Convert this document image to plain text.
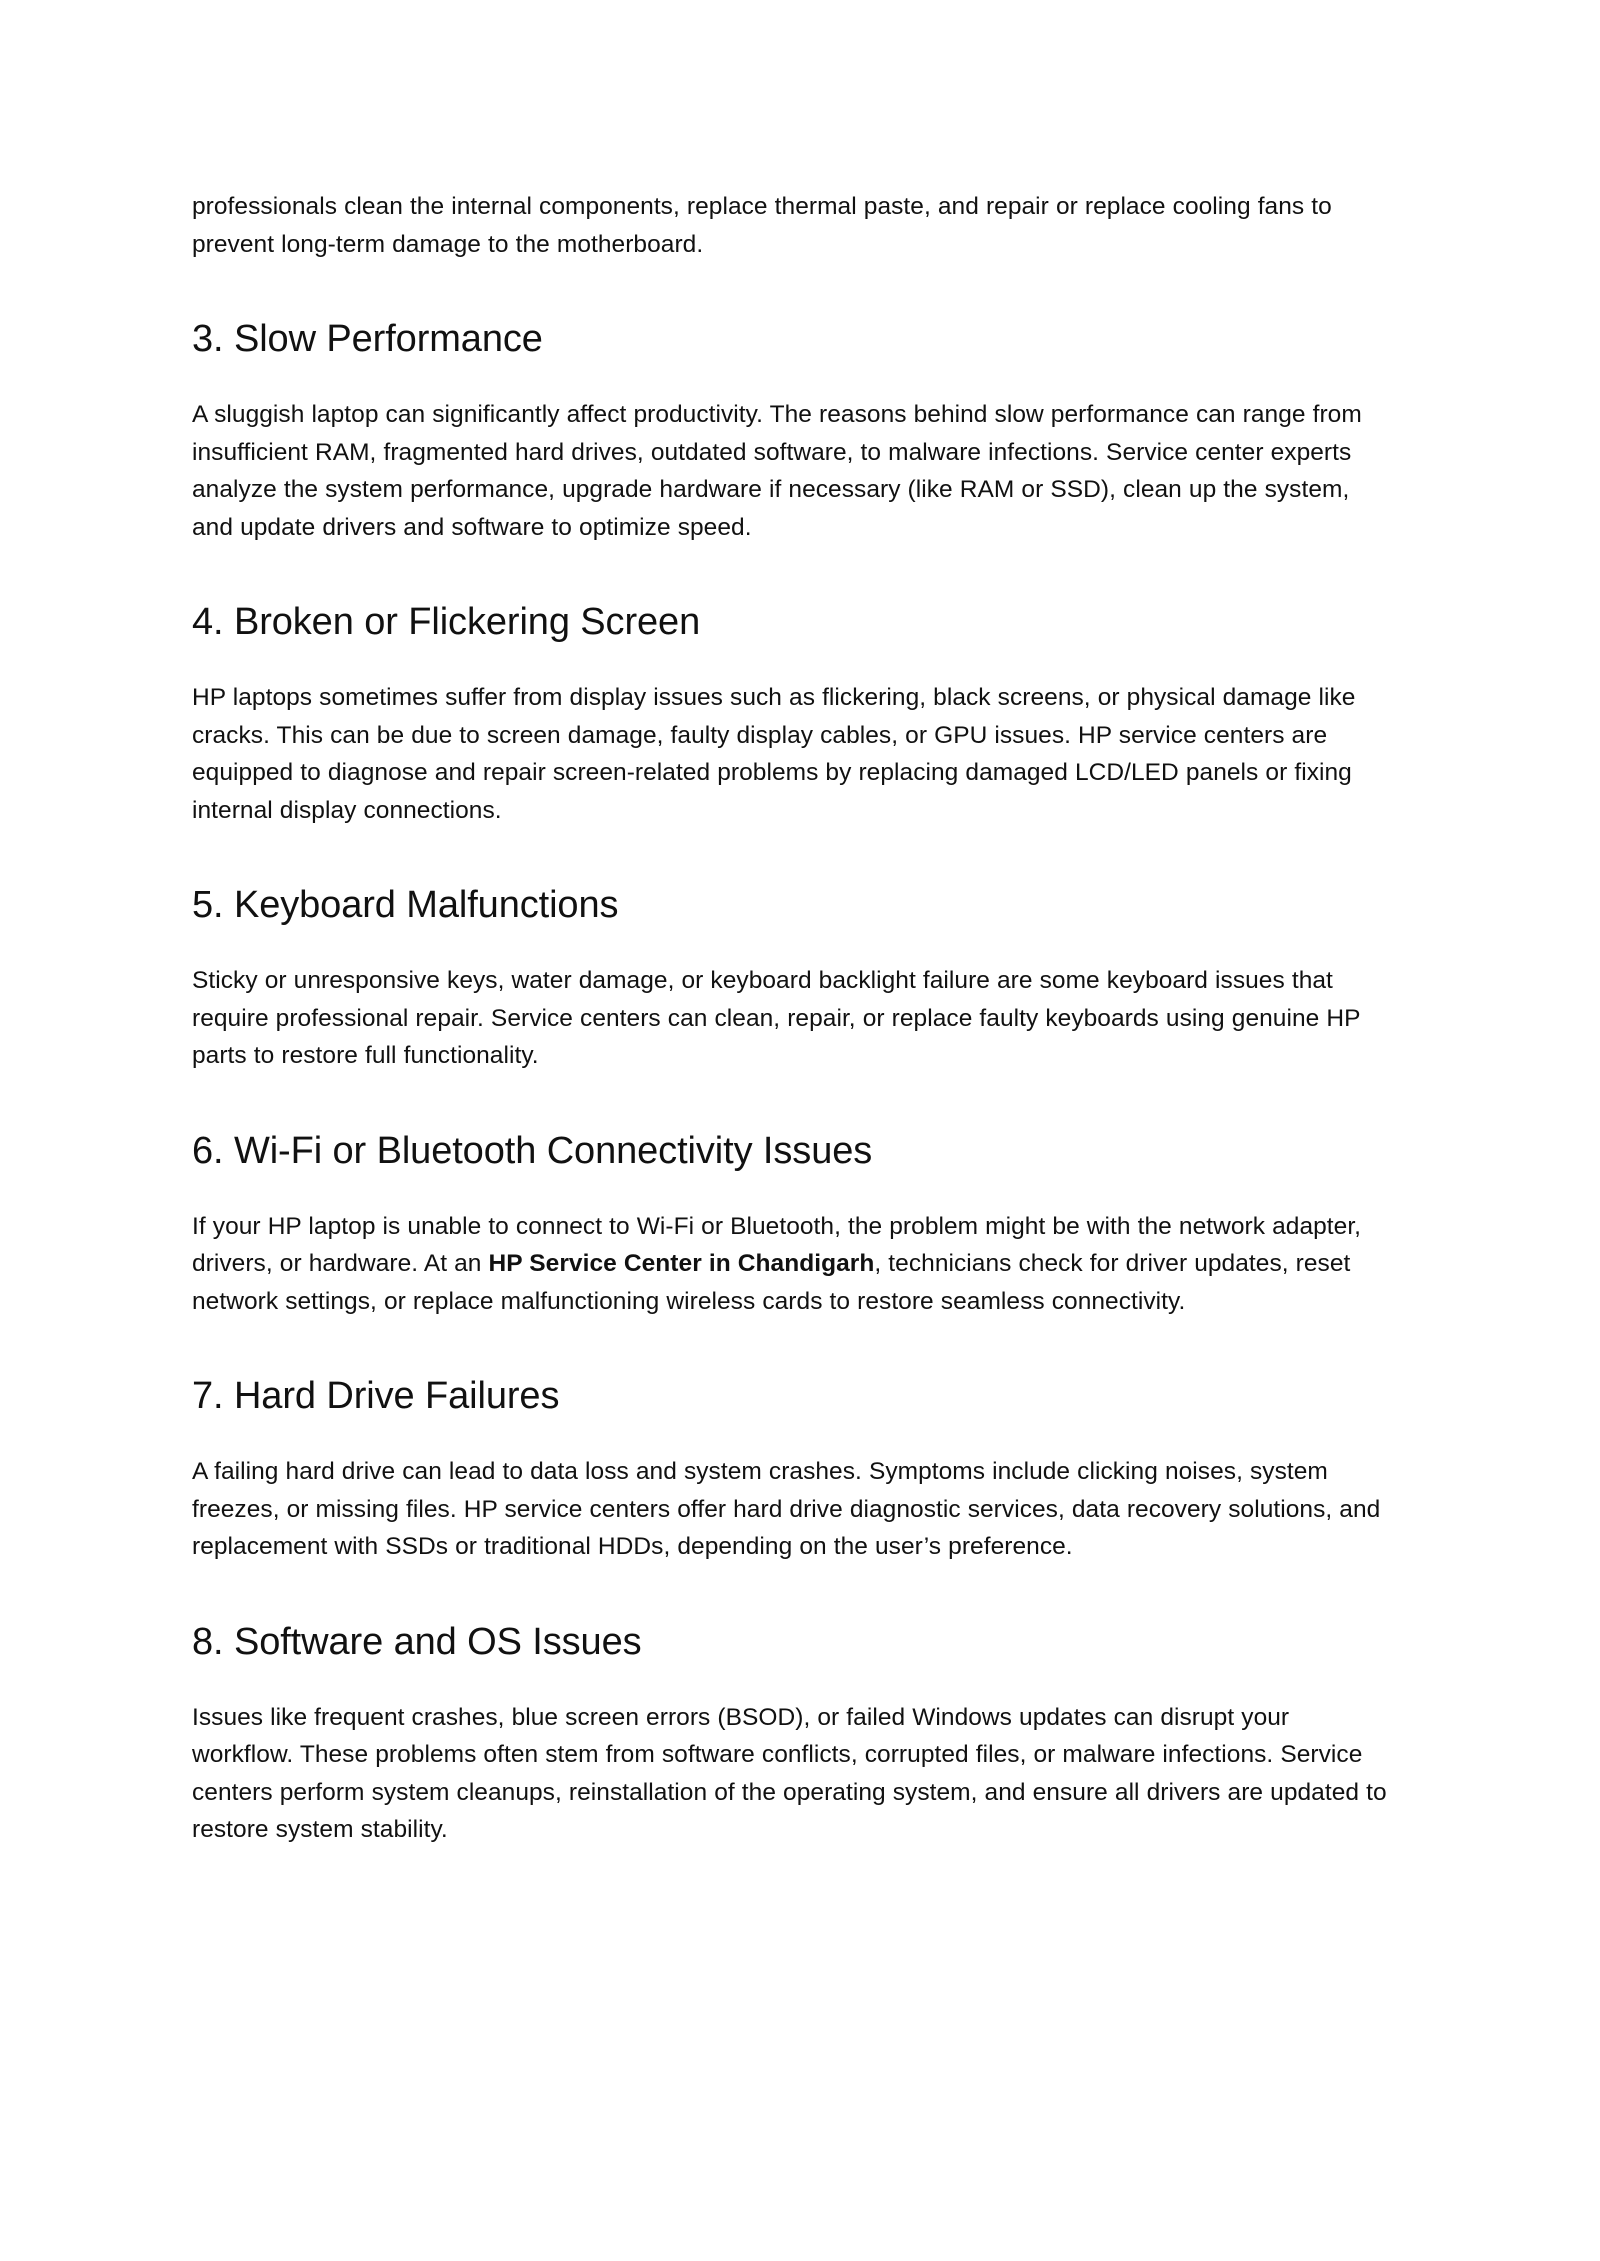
professionals clean the internal components, replace thermal paste, and repair or replace cooling fans to prevent long-term damage to the motherboard.

3. Slow Performance

A sluggish laptop can significantly affect productivity. The reasons behind slow performance can range from insufficient RAM, fragmented hard drives, outdated software, to malware infections. Service center experts analyze the system performance, upgrade hardware if necessary (like RAM or SSD), clean up the system, and update drivers and software to optimize speed.

4. Broken or Flickering Screen

HP laptops sometimes suffer from display issues such as flickering, black screens, or physical damage like cracks. This can be due to screen damage, faulty display cables, or GPU issues. HP service centers are equipped to diagnose and repair screen-related problems by replacing damaged LCD/LED panels or fixing internal display connections.

5. Keyboard Malfunctions

Sticky or unresponsive keys, water damage, or keyboard backlight failure are some keyboard issues that require professional repair. Service centers can clean, repair, or replace faulty keyboards using genuine HP parts to restore full functionality.

6. Wi-Fi or Bluetooth Connectivity Issues

If your HP laptop is unable to connect to Wi-Fi or Bluetooth, the problem might be with the network adapter, drivers, or hardware. At an HP Service Center in Chandigarh, technicians check for driver updates, reset network settings, or replace malfunctioning wireless cards to restore seamless connectivity.

7. Hard Drive Failures

A failing hard drive can lead to data loss and system crashes. Symptoms include clicking noises, system freezes, or missing files. HP service centers offer hard drive diagnostic services, data recovery solutions, and replacement with SSDs or traditional HDDs, depending on the user’s preference.

8. Software and OS Issues

Issues like frequent crashes, blue screen errors (BSOD), or failed Windows updates can disrupt your workflow. These problems often stem from software conflicts, corrupted files, or malware infections. Service centers perform system cleanups, reinstallation of the operating system, and ensure all drivers are updated to restore system stability.
